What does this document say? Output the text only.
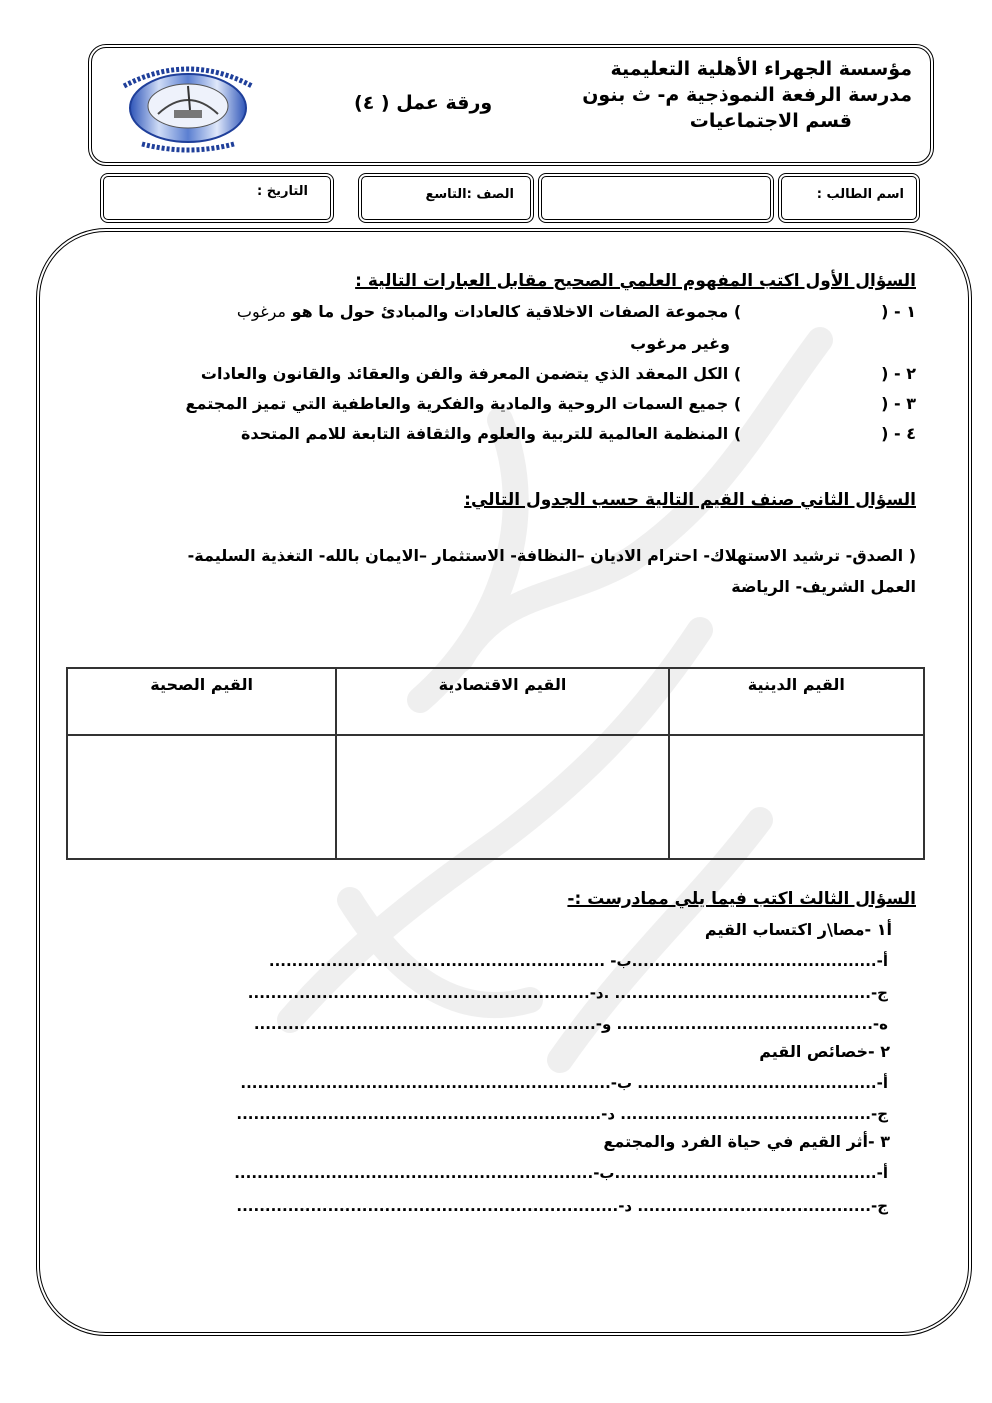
مؤسسة الجهراء الأهلية التعليمية
مدرسة الرفعة النموذجية م- ث بنون
قسم الاجتماعيات
ورقة عمل ( ٤)
اسم الطالب :
الصف :التاسع
التاريخ :
السؤال الأول اكتب المفهوم العلمي الصحيح مقابل العبارات التالية :
١ - () مجموعة الصفات الاخلاقية كالعادات والمبادئ حول ما هو مرغوب
وغير مرغوب
٢ - () الكل المعقد الذي يتضمن المعرفة والفن والعقائد والقانون والعادات
٣ - () جميع السمات الروحية والمادية والفكرية والعاطفية التي تميز المجتمع
٤ - () المنظمة العالمية للتربية والعلوم والثقافة التابعة للامم المتحدة
السؤال الثاني صنف القيم التالية حسب الجدول التالي:
( الصدق- ترشيد الاستهلاك- احترام الاديان –النظافة- الاستثمار –الايمان بالله- التغذية السليمة-
العمل الشريف- الرياضة
القيم الصحية	القيم الاقتصادية	القيم الدينية

السؤال الثالث اكتب فيما يلي ممادرست :-
أ١ -مصا\ر اكتساب القيم
أ-...........................................ب- ...........................................................
ج-............................................. .د-............................................................
ه-............................................. و-............................................................
٢ -خصائص القيم
أ-.......................................... ب-.................................................................
ج-............................................ د-................................................................
٣ -أثر القيم في حياة الفرد والمجتمع
أ-..............................................ب-...............................................................
ج-......................................... د-...................................................................
